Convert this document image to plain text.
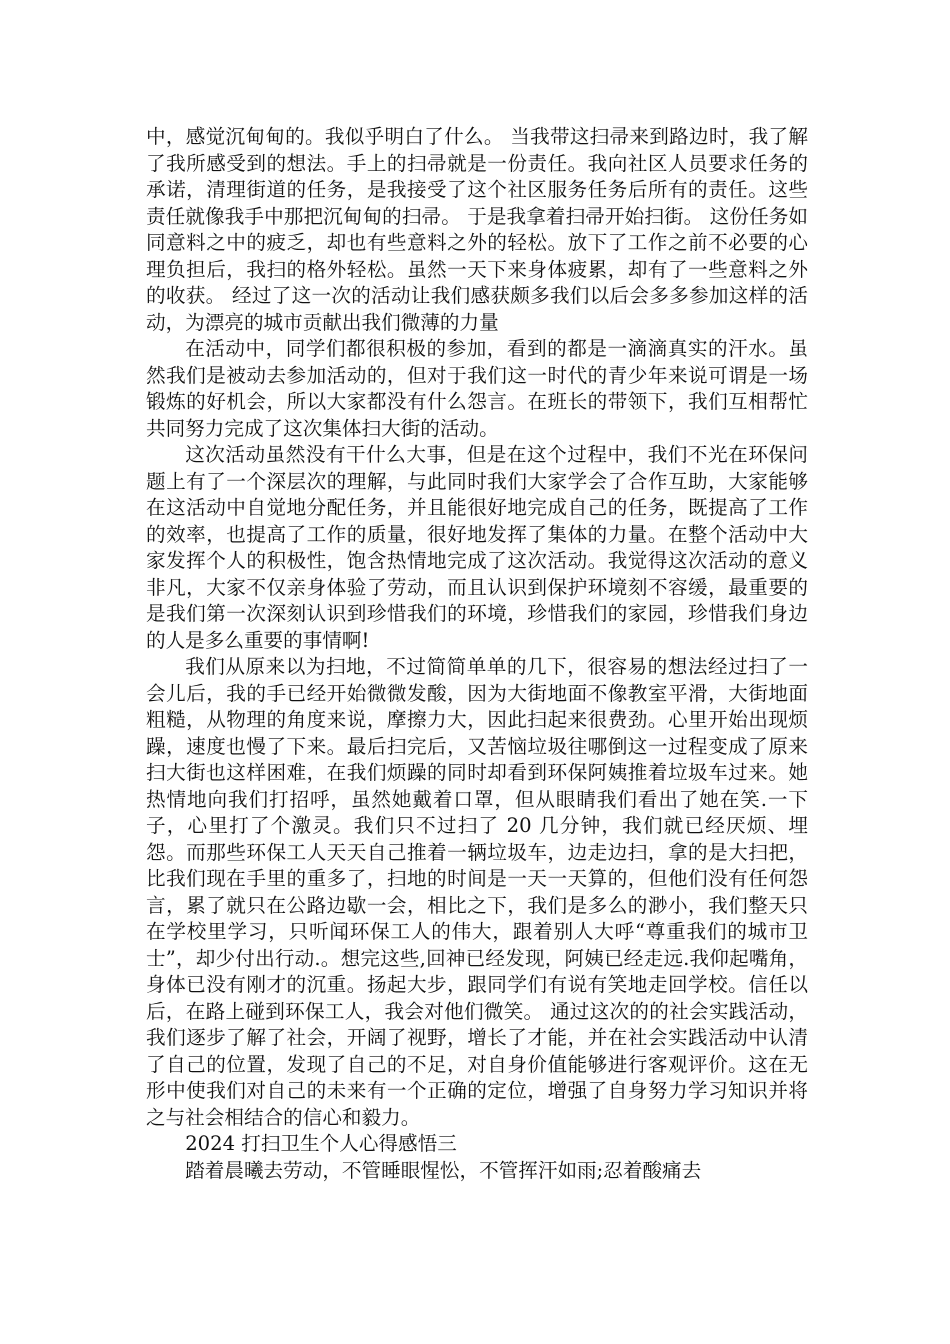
中，感觉沉甸甸的。我似乎明白了什么。 当我带这扫帚来到路边时，我了解了我所感受到的想法。手上的扫帚就是一份责任。我向社区人员要求任务的承诺，清理街道的任务，是我接受了这个社区服务任务后所有的责任。这些责任就像我手中那把沉甸甸的扫帚。 于是我拿着扫帚开始扫街。 这份任务如同意料之中的疲乏，却也有些意料之外的轻松。放下了工作之前不必要的心理负担后，我扫的格外轻松。虽然一天下来身体疲累，却有了一些意料之外的收获。 经过了这一次的活动让我们感获颇多我们以后会多多参加这样的活动，为漂亮的城市贡献出我们微薄的力量

在活动中，同学们都很积极的参加，看到的都是一滴滴真实的汗水。虽然我们是被动去参加活动的，但对于我们这一时代的青少年来说可谓是一场锻炼的好机会，所以大家都没有什么怨言。在班长的带领下，我们互相帮忙共同努力完成了这次集体扫大街的活动。

这次活动虽然没有干什么大事，但是在这个过程中，我们不光在环保问题上有了一个深层次的理解，与此同时我们大家学会了合作互助，大家能够在这活动中自觉地分配任务，并且能很好地完成自己的任务，既提高了工作的效率，也提高了工作的质量，很好地发挥了集体的力量。在整个活动中大家发挥个人的积极性，饱含热情地完成了这次活动。我觉得这次活动的意义非凡，大家不仅亲身体验了劳动，而且认识到保护环境刻不容缓，最重要的是我们第一次深刻认识到珍惜我们的环境，珍惜我们的家园，珍惜我们身边的人是多么重要的事情啊!

我们从原来以为扫地，不过简简单单的几下，很容易的想法经过扫了一会儿后，我的手已经开始微微发酸，因为大街地面不像教室平滑，大街地面粗糙，从物理的角度来说，摩擦力大，因此扫起来很费劲。心里开始出现烦躁，速度也慢了下来。最后扫完后，又苦恼垃圾往哪倒这一过程变成了原来扫大街也这样困难，在我们烦躁的同时却看到环保阿姨推着垃圾车过来。她热情地向我们打招呼，虽然她戴着口罩，但从眼睛我们看出了她在笑.一下子，心里打了个激灵。我们只不过扫了 20 几分钟，我们就已经厌烦、埋怨。而那些环保工人天天自己推着一辆垃圾车，边走边扫，拿的是大扫把，比我们现在手里的重多了，扫地的时间是一天一天算的，但他们没有任何怨言，累了就只在公路边歇一会，相比之下，我们是多么的渺小，我们整天只在学校里学习，只听闻环保工人的伟大，跟着别人大呼“尊重我们的城市卫士”，却少付出行动.。想完这些,回神已经发现，阿姨已经走远.我仰起嘴角，身体已没有刚才的沉重。扬起大步，跟同学们有说有笑地走回学校。信任以后，在路上碰到环保工人，我会对他们微笑。 通过这次的的社会实践活动，我们逐步了解了社会，开阔了视野，增长了才能，并在社会实践活动中认清了自己的位置，发现了自己的不足，对自身价值能够进行客观评价。这在无形中使我们对自己的未来有一个正确的定位，增强了自身努力学习知识并将之与社会相结合的信心和毅力。

2024 打扫卫生个人心得感悟三

踏着晨曦去劳动，不管睡眼惺忪，不管挥汗如雨;忍着酸痛去
